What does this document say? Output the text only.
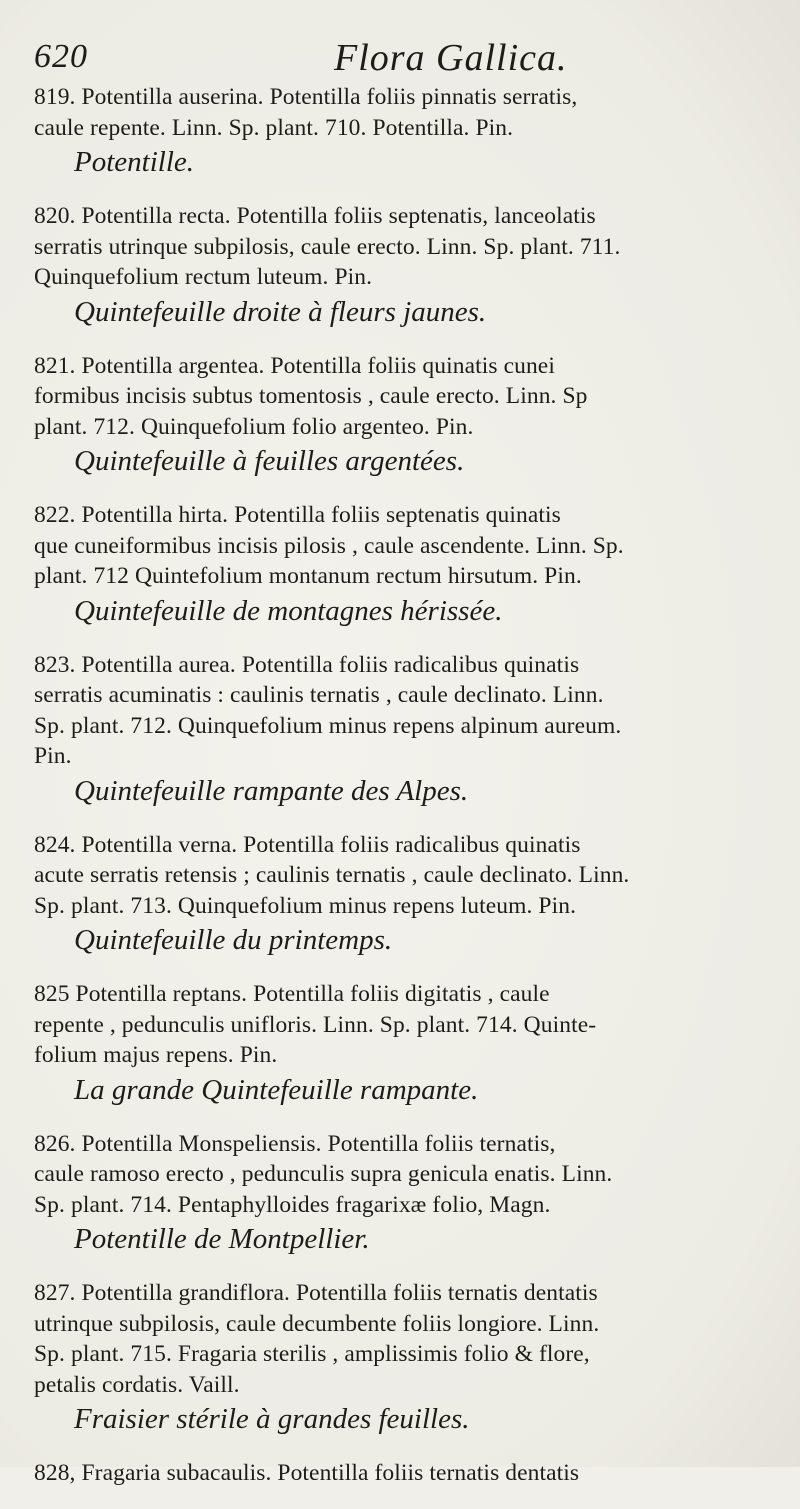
620	Flora Gallica.
819. Potentilla auserina. Potentilla foliis pinnatis serratis,
caule repente. Linn. Sp. plant. 710. Potentilla. Pin.
Potentille.
820. Potentilla recta. Potentilla foliis septenatis, lanceolatis
serratis utrinque subpilosis, caule erecto. Linn. Sp. plant. 711.
Quinquefolium rectum luteum. Pin.
Quintefeuille droite à fleurs jaunes.
821. Potentilla argentea. Potentilla foliis quinatis cunei
formibus incisis subtus tomentosis , caule erecto. Linn. Sp
plant. 712. Quinquefolium folio argenteo. Pin.
Quintefeuille à feuilles argentées.
822. Potentilla hirta. Potentilla foliis septenatis quinatis
que cuneiformibus incisis pilosis , caule ascendente. Linn. Sp.
plant. 712 Quintefolium montanum rectum hirsutum. Pin.
Quintefeuille de montagnes hérissée.
823. Potentilla aurea. Potentilla foliis radicalibus quinatis
serratis acuminatis : caulinis ternatis , caule declinato. Linn.
Sp. plant. 712. Quinquefolium minus repens alpinum aureum.
Pin.
Quintefeuille rampante des Alpes.
824. Potentilla verna. Potentilla foliis radicalibus quinatis
acute serratis retensis ; caulinis ternatis , caule declinato. Linn.
Sp. plant. 713. Quinquefolium minus repens luteum. Pin.
Quintefeuille du printemps.
825 Potentilla reptans. Potentilla foliis digitatis , caule
repente , pedunculis unifloris. Linn. Sp. plant. 714. Quinte-
folium majus repens. Pin.
La grande Quintefeuille rampante.
826. Potentilla Monspeliensis. Potentilla foliis ternatis,
caule ramoso erecto , pedunculis supra genicula enatis. Linn.
Sp. plant. 714. Pentaphylloides fragarixæ folio, Magn.
Potentille de Montpellier.
827. Potentilla grandiflora. Potentilla foliis ternatis dentatis
utrinque subpilosis, caule decumbente foliis longiore. Linn.
Sp. plant. 715. Fragaria sterilis , amplissimis folio & flore,
petalis cordatis. Vaill.
Fraisier stérile à grandes feuilles.
828, Fragaria subacaulis. Potentilla foliis ternatis dentatis
